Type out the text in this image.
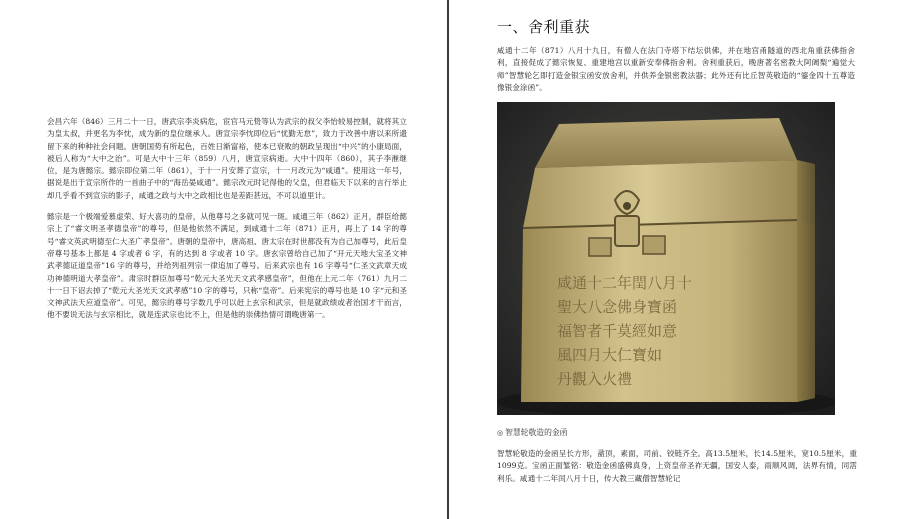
会昌六年（846）三月二十一日，唐武宗李炎病危，宦官马元贽等认为武宗的叔父李怡较易控制，就将其立为皇太叔，并更名为李忱，成为新的皇位继承人。唐宣宗李忱即位后“忧勤无怠”，致力于改善中唐以来所遗留下来的种种社会问题。唐朝国势有所起色，百姓日渐富裕，使本已衰败的朝政呈现出“中兴”的小康局面，被后人称为“大中之治”。可是大中十三年（859）八月，唐宣宗病逝。大中十四年（860），其子李漼继位，是为唐懿宗。懿宗即位第二年（861），于十一月安葬了宣宗，十一月改元为“咸通”。使用这一年号，据说是出于宣宗所作的一首曲子中的“海岳晏咸通”。懿宗改元时记得他的父皇，但君临天下以来的言行举止却几乎看不到宣宗的影子，咸通之政与大中之政相比也是差距甚远，不可以道里计。

懿宗是一个极端爱慕虚荣、好大喜功的皇帝，从他尊号之多就可见一斑。咸通三年（862）正月，群臣给懿宗上了“睿文明圣孝德皇帝”的尊号，但是他依然不满足，到咸通十二年（871）正月，再上了 14 字的尊号“睿文英武明德至仁大圣广孝皇帝”。唐朝的皇帝中，唐高祖、唐太宗在时世都没有为自己加尊号，此后皇帝尊号基本上都是 4 字或者 6 字，有的达到 8 字或者 10 字。唐玄宗曾给自己加了“开元天地大宝圣文神武孝德证道皇帝”16 字的尊号，并给列祖列宗一律追加了尊号。后来武宗也有 16 字尊号“仁圣文武章天成功神德明道大孝皇帝”。肃宗时群臣加尊号“乾元大圣光天文武孝感皇帝”，但他在上元二年（761）九月二十一日下诏去掉了“乾元大圣光天文武孝感”10 字的尊号，只称“皇帝”。后来宪宗的尊号也是 10 字“元和圣文神武法天应道皇帝”。可见，懿宗的尊号字数几乎可以赶上玄宗和武宗，但是就政绩或者治国才干而言，他不要说无法与玄宗相比，就是连武宗也比不上，但是他的崇佛热情可谓晚唐第一。

一、舍利重获

咸通十二年（871）八月十九日，有僧人在法门寺塔下结坛供佛，并在地宫甬隧道的西北角重获佛指舍利，直接促成了懿宗恢复、重建地宫以重新安奉佛指舍利。舍利重获后，晚唐著名密教大阿阇梨“遍觉大师”智慧轮乞即打造金银宝函安放舍利，并供养金银密教法器；此外还有比丘智英敬造的“鎏金四十五尊造像银金涂函”。

咸通十二年閏八月十
聖大八念佛身寶函
福智者千莫經如意
風四月大仁寶如
丹觀入火禮

◎ 智慧轮敬造的金函

智慧轮敬造的金函呈长方形，盝顶，素面，司前、铰链齐全。高13.5厘米，长14.5厘米，宽10.5厘米，重1099克。宝函正面錾铭：敬造金函盛佛真身，上资皇帝圣祚无疆，国安人泰，雨顺风调，法界有情，同霑利乐。咸通十二年闰八月十日，传大教三藏僧智慧轮记
